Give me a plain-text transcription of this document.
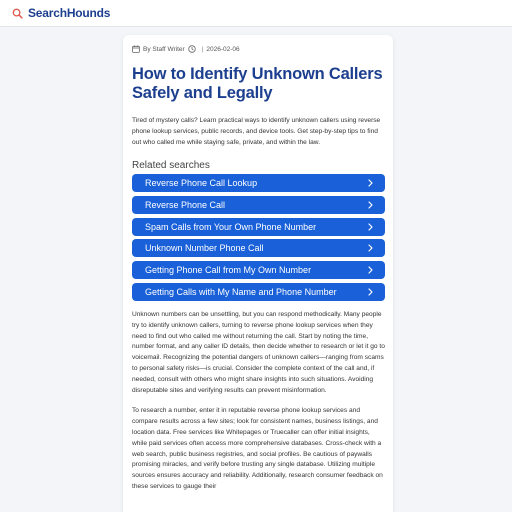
SearchHounds
By Staff Writer	| 2026-02-06
How to Identify Unknown Callers Safely and Legally

Tired of mystery calls? Learn practical ways to identify unknown callers using reverse phone lookup services, public records, and device tools. Get step-by-step tips to find out who called me while staying safe, private, and within the law.

Related searches
Reverse Phone Call Lookup
Reverse Phone Call
Spam Calls from Your Own Phone Number
Unknown Number Phone Call
Getting Phone Call from My Own Number
Getting Calls with My Name and Phone Number

Unknown numbers can be unsettling, but you can respond methodically. Many people try to identify unknown callers, turning to reverse phone lookup services when they need to find out who called me without returning the call. Start by noting the time, number format, and any caller ID details, then decide whether to research or let it go to voicemail. Recognizing the potential dangers of unknown callers—ranging from scams to personal safety risks—is crucial. Consider the complete context of the call and, if needed, consult with others who might share insights into such situations. Avoiding disreputable sites and verifying results can prevent misinformation.

To research a number, enter it in reputable reverse phone lookup services and compare results across a few sites; look for consistent names, business listings, and location data. Free services like Whitepages or Truecaller can offer initial insights, while paid services often access more comprehensive databases. Cross-check with a web search, public business registries, and social profiles. Be cautious of paywalls promising miracles, and verify before trusting any single database. Utilizing multiple sources ensures accuracy and reliability. Additionally, research consumer feedback on these services to gauge their
